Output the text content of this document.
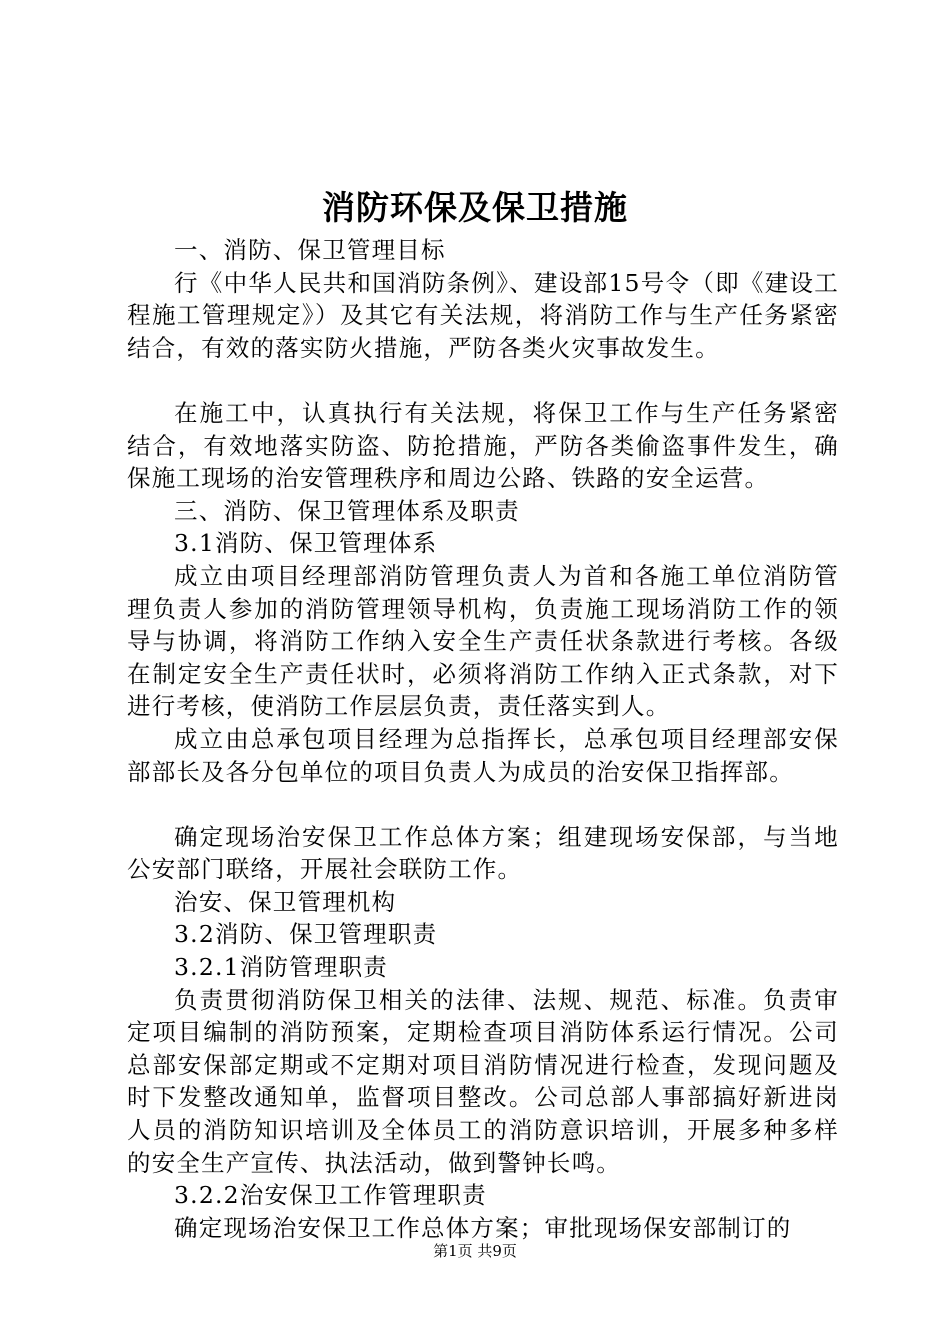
消防环保及保卫措施

一、消防、保卫管理目标

行《中华人民共和国消防条例》、建设部15号令（即《建设工程施工管理规定》）及其它有关法规，将消防工作与生产任务紧密结合，有效的落实防火措施，严防各类火灾事故发生。

在施工中，认真执行有关法规，将保卫工作与生产任务紧密结合，有效地落实防盗、防抢措施，严防各类偷盗事件发生，确保施工现场的治安管理秩序和周边公路、铁路的安全运营。

三、消防、保卫管理体系及职责

3.1消防、保卫管理体系

成立由项目经理部消防管理负责人为首和各施工单位消防管理负责人参加的消防管理领导机构，负责施工现场消防工作的领导与协调，将消防工作纳入安全生产责任状条款进行考核。各级在制定安全生产责任状时，必须将消防工作纳入正式条款，对下进行考核，使消防工作层层负责，责任落实到人。

成立由总承包项目经理为总指挥长，总承包项目经理部安保部部长及各分包单位的项目负责人为成员的治安保卫指挥部。

确定现场治安保卫工作总体方案；组建现场安保部，与当地公安部门联络，开展社会联防工作。

治安、保卫管理机构

3.2消防、保卫管理职责

3.2.1消防管理职责

负责贯彻消防保卫相关的法律、法规、规范、标准。负责审定项目编制的消防预案，定期检查项目消防体系运行情况。公司总部安保部定期或不定期对项目消防情况进行检查，发现问题及时下发整改通知单，监督项目整改。公司总部人事部搞好新进岗人员的消防知识培训及全体员工的消防意识培训，开展多种多样的安全生产宣传、执法活动，做到警钟长鸣。

3.2.2治安保卫工作管理职责

确定现场治安保卫工作总体方案；审批现场保安部制订的

第1页 共9页
